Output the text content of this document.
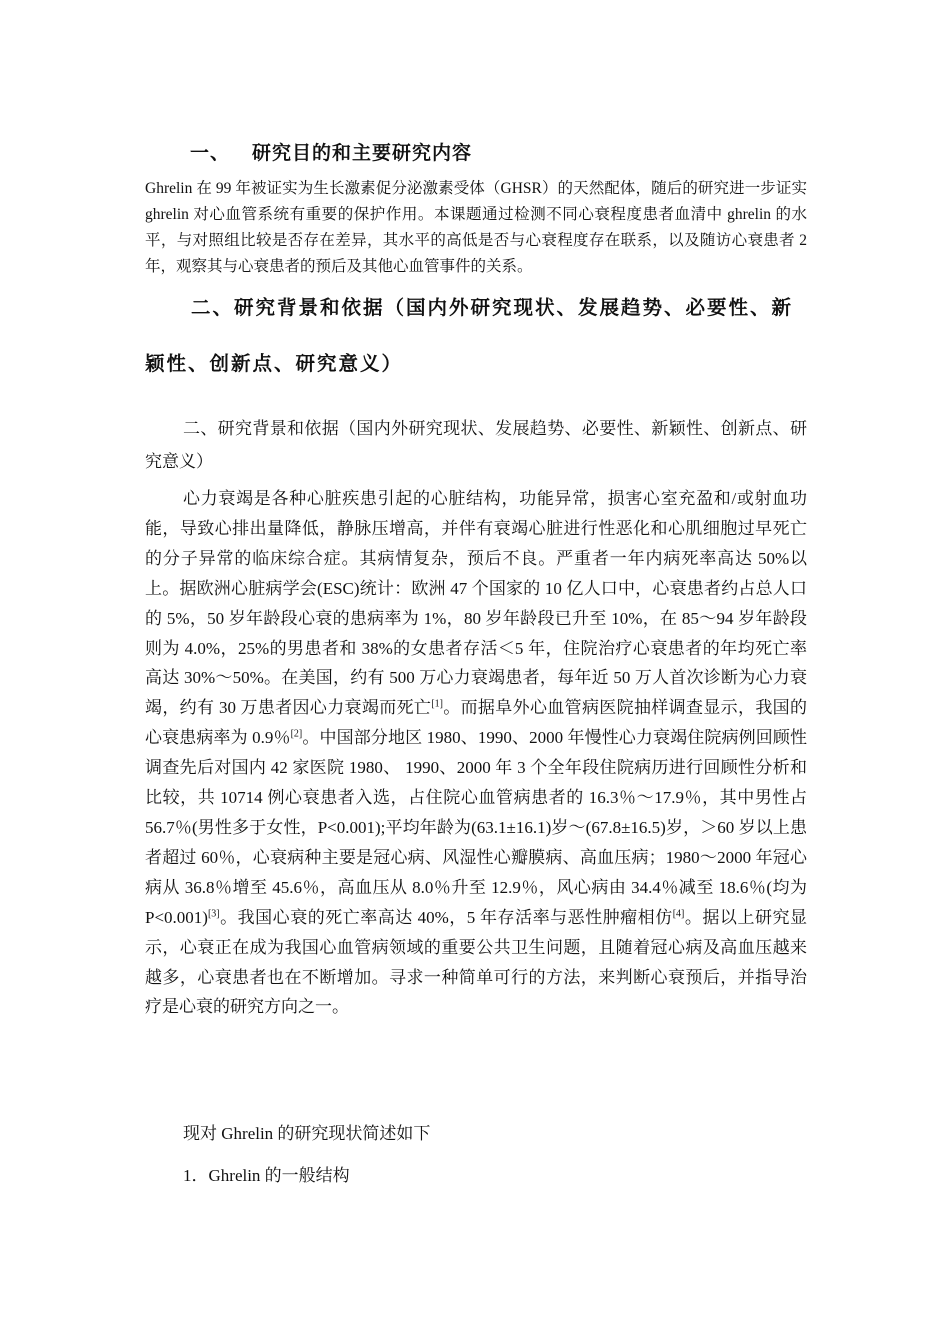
一、 研究目的和主要研究内容
Ghrelin 在 99 年被证实为生长激素促分泌激素受体（GHSR）的天然配体，随后的研究进一步证实 ghrelin 对心血管系统有重要的保护作用。本课题通过检测不同心衰程度患者血清中 ghrelin 的水平，与对照组比较是否存在差异，其水平的高低是否与心衰程度存在联系，以及随访心衰患者 2 年，观察其与心衰患者的预后及其他心血管事件的关系。
二、研究背景和依据（国内外研究现状、发展趋势、必要性、新颖性、创新点、研究意义）
二、研究背景和依据（国内外研究现状、发展趋势、必要性、新颖性、创新点、研究意义）
心力衰竭是各种心脏疾患引起的心脏结构，功能异常，损害心室充盈和/或射血功能，导致心排出量降低，静脉压增高，并伴有衰竭心脏进行性恶化和心肌细胞过早死亡的分子异常的临床综合症。其病情复杂，预后不良。严重者一年内病死率高达 50%以上。据欧洲心脏病学会(ESC)统计：欧洲 47 个国家的 10 亿人口中，心衰患者约占总人口的 5%，50 岁年龄段心衰的患病率为 1%，80 岁年龄段已升至 10%，在 85～94 岁年龄段则为 4.0%，25%的男患者和 38%的女患者存活＜5 年，住院治疗心衰患者的年均死亡率高达 30%～50%。在美国，约有 500 万心力衰竭患者，每年近 50 万人首次诊断为心力衰竭，约有 30 万患者因心力衰竭而死亡[1]。而据阜外心血管病医院抽样调查显示，我国的心衰患病率为 0.9％[2]。中国部分地区 1980、1990、2000 年慢性心力衰竭住院病例回顾性调查先后对国内 42 家医院 1980、 1990、2000 年 3 个全年段住院病历进行回顾性分析和比较，共 10714 例心衰患者入选，占住院心血管病患者的 16.3％～17.9％，其中男性占 56.7％(男性多于女性，P<0.001);平均年龄为(63.1±16.1)岁～(67.8±16.5)岁，＞60 岁以上患者超过 60％，心衰病种主要是冠心病、风湿性心瓣膜病、高血压病；1980～2000 年冠心病从 36.8％增至 45.6％，高血压从 8.0％升至 12.9％，风心病由 34.4％减至 18.6％(均为 P<0.001)[3]。我国心衰的死亡率高达 40%，5 年存活率与恶性肿瘤相仿[4]。据以上研究显示，心衰正在成为我国心血管病领域的重要公共卫生问题，且随着冠心病及高血压越来越多，心衰患者也在不断增加。寻求一种简单可行的方法，来判断心衰预后，并指导治疗是心衰的研究方向之一。
现对 Ghrelin 的研究现状简述如下
1．Ghrelin 的一般结构
